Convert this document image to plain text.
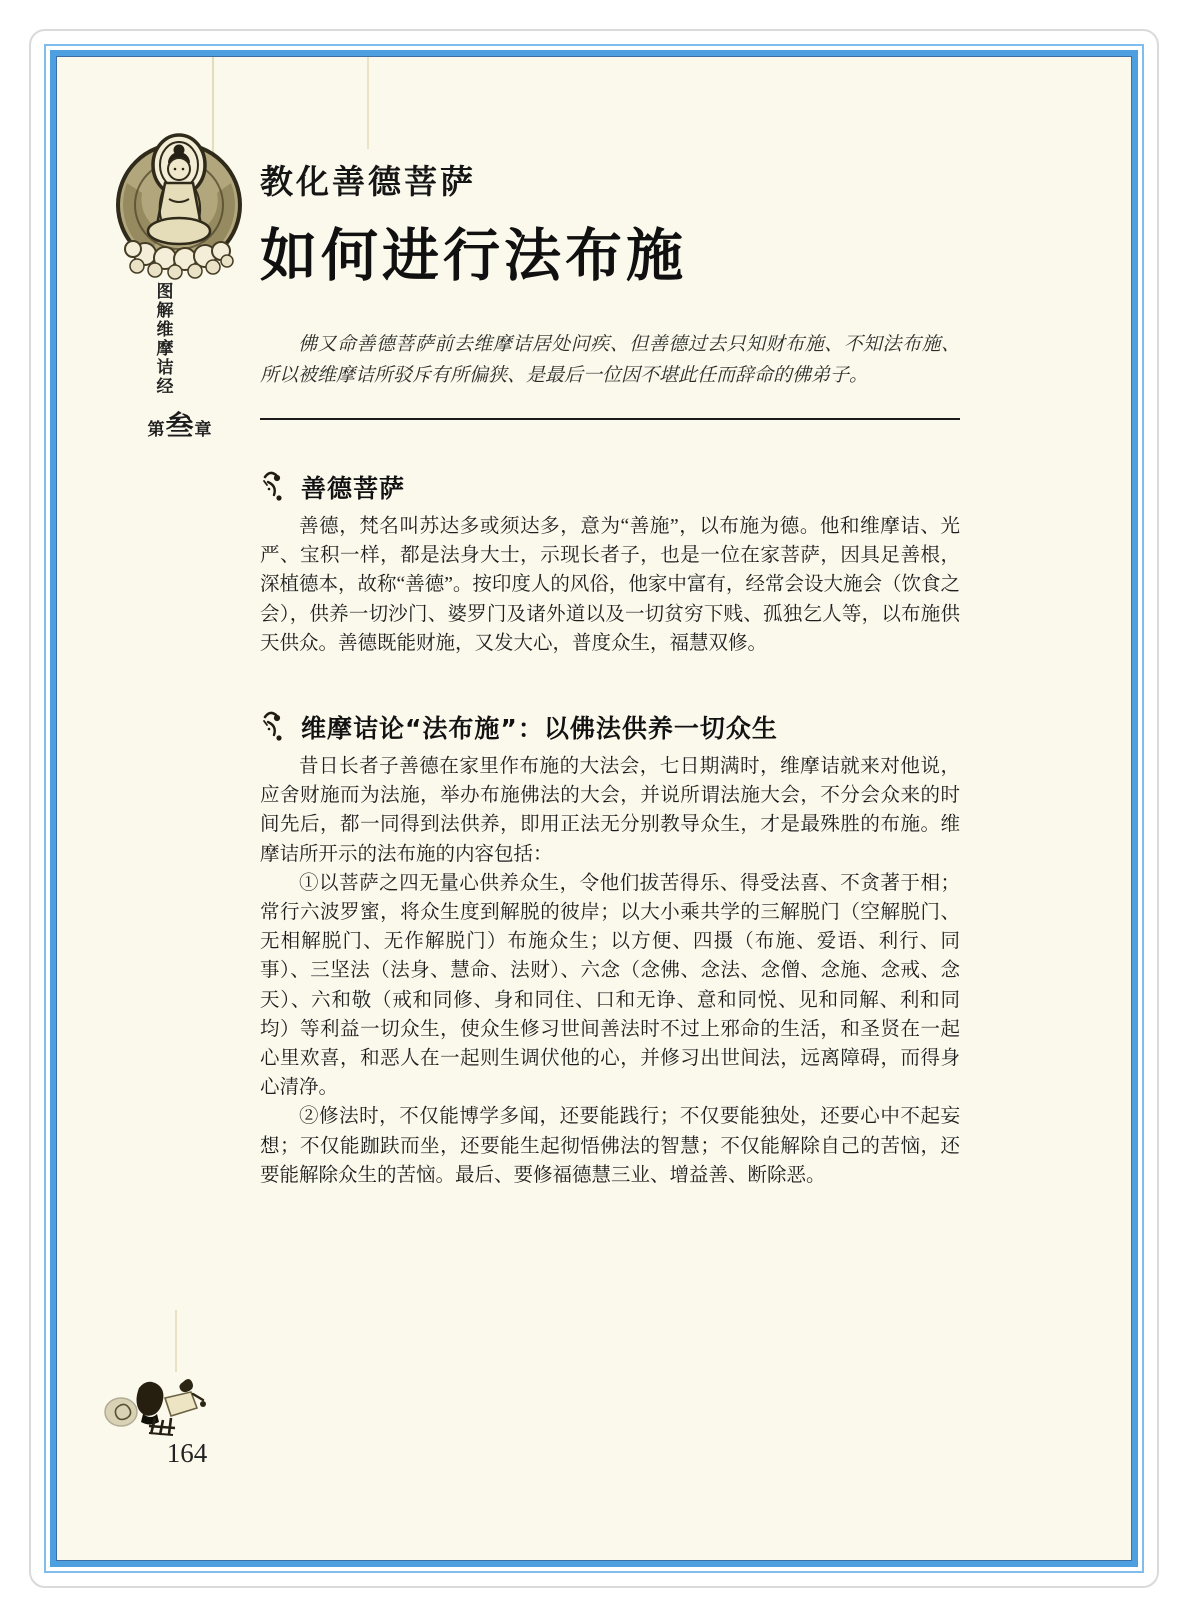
图
解
维
摩
诘
经
第 叁 章
教化善德菩萨
如何进行法布施

佛又命善德菩萨前去维摩诘居处问疾、但善德过去只知财布施、不知法布施、所以被维摩诘所驳斥有所偏狭、是最后一位因不堪此任而辞命的佛弟子。

善德菩萨

善德，梵名叫苏达多或须达多，意为“善施”，以布施为德。他和维摩诘、光严、宝积一样，都是法身大士，示现长者子，也是一位在家菩萨，因具足善根，深植德本，故称“善德”。按印度人的风俗，他家中富有，经常会设大施会（饮食之会），供养一切沙门、婆罗门及诸外道以及一切贫穷下贱、孤独乞人等，以布施供天供众。善德既能财施，又发大心，普度众生，福慧双修。

维摩诘论“法布施”：以佛法供养一切众生

昔日长者子善德在家里作布施的大法会，七日期满时，维摩诘就来对他说，应舍财施而为法施，举办布施佛法的大会，并说所谓法施大会，不分会众来的时间先后，都一同得到法供养，即用正法无分别教导众生，才是最殊胜的布施。维摩诘所开示的法布施的内容包括：

①以菩萨之四无量心供养众生，令他们拔苦得乐、得受法喜、不贪著于相；常行六波罗蜜，将众生度到解脱的彼岸；以大小乘共学的三解脱门（空解脱门、无相解脱门、无作解脱门）布施众生；以方便、四摄（布施、爱语、利行、同事）、三坚法（法身、慧命、法财）、六念（念佛、念法、念僧、念施、念戒、念天）、六和敬（戒和同修、身和同住、口和无诤、意和同悦、见和同解、利和同均）等利益一切众生，使众生修习世间善法时不过上邪命的生活，和圣贤在一起心里欢喜，和恶人在一起则生调伏他的心，并修习出世间法，远离障碍，而得身心清净。

②修法时，不仅能博学多闻，还要能践行；不仅要能独处，还要心中不起妄想；不仅能跏趺而坐，还要能生起彻悟佛法的智慧；不仅能解除自己的苦恼，还要能解除众生的苦恼。最后、要修福德慧三业、增益善、断除恶。

164
